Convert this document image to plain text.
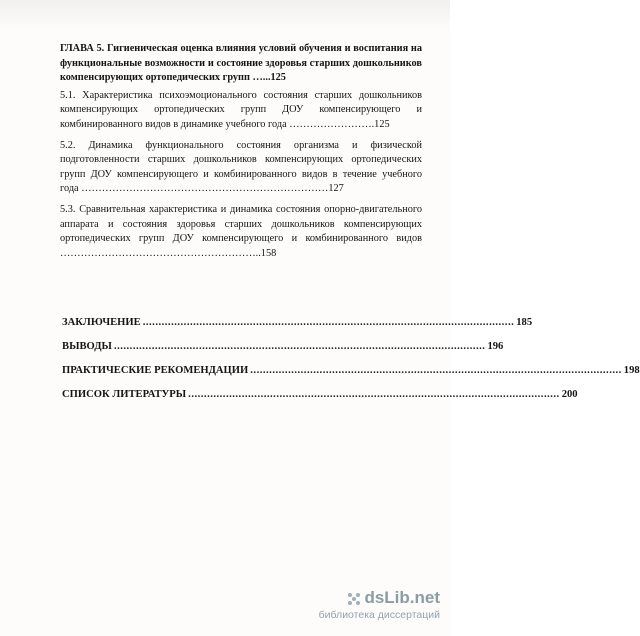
ГЛАВА 5. Гигиеническая оценка влияния условий обучения и воспитания на функциональные возможности и состояние здоровья старших дошкольников компенсирующих ортопедических групп …...125
5.1. Характеристика психоэмоционального состояния старших дошкольников компенсирующих ортопедических групп ДОУ компенсирующего и комбинированного видов в динамике учебного года …………………….125
5.2. Динамика функционального состояния организма и физической подготовленности старших дошкольников компенсирующих ортопедических групп ДОУ компенсирующего и комбинированного видов в течение учебного года ………………………………………………………………127
5.3. Сравнительная характеристика и динамика состояния опорно-двигательного аппарата и состояния здоровья старших дошкольников компенсирующих ортопедических групп ДОУ компенсирующего и комбинированного видов …………………………………………………..158
ЗАКЛЮЧЕНИЕ ...................................................................................................................... 185
ВЫВОДЫ ...................................................................................................................... 196
ПРАКТИЧЕСКИЕ РЕКОМЕНДАЦИИ ...................................................................................................................... 198
СПИСОК ЛИТЕРАТУРЫ ...................................................................................................................... 200
dsLib.net
библиотека диссертаций
